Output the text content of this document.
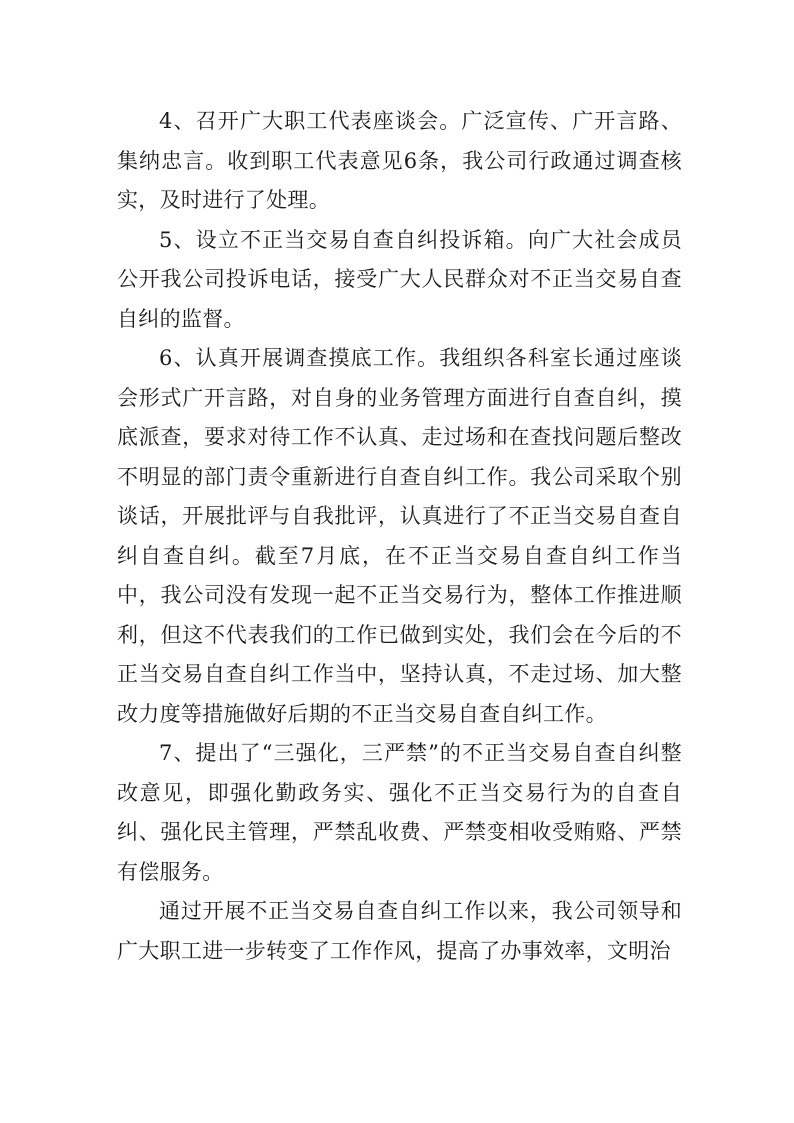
4、召开广大职工代表座谈会。广泛宣传、广开言路、集纳忠言。收到职工代表意见6条，我公司行政通过调查核实，及时进行了处理。

5、设立不正当交易自查自纠投诉箱。向广大社会成员公开我公司投诉电话，接受广大人民群众对不正当交易自查自纠的监督。

6、认真开展调查摸底工作。我组织各科室长通过座谈会形式广开言路，对自身的业务管理方面进行自查自纠，摸底派查，要求对待工作不认真、走过场和在查找问题后整改不明显的部门责令重新进行自查自纠工作。我公司采取个别谈话，开展批评与自我批评，认真进行了不正当交易自查自纠自查自纠。截至7月底，在不正当交易自查自纠工作当中，我公司没有发现一起不正当交易行为，整体工作推进顺利，但这不代表我们的工作已做到实处，我们会在今后的不正当交易自查自纠工作当中，坚持认真，不走过场、加大整改力度等措施做好后期的不正当交易自查自纠工作。

7、提出了“三强化，三严禁”的不正当交易自查自纠整改意见，即强化勤政务实、强化不正当交易行为的自查自纠、强化民主管理，严禁乱收费、严禁变相收受贿赂、严禁有偿服务。

通过开展不正当交易自查自纠工作以来，我公司领导和广大职工进一步转变了工作作风，提高了办事效率，文明治
